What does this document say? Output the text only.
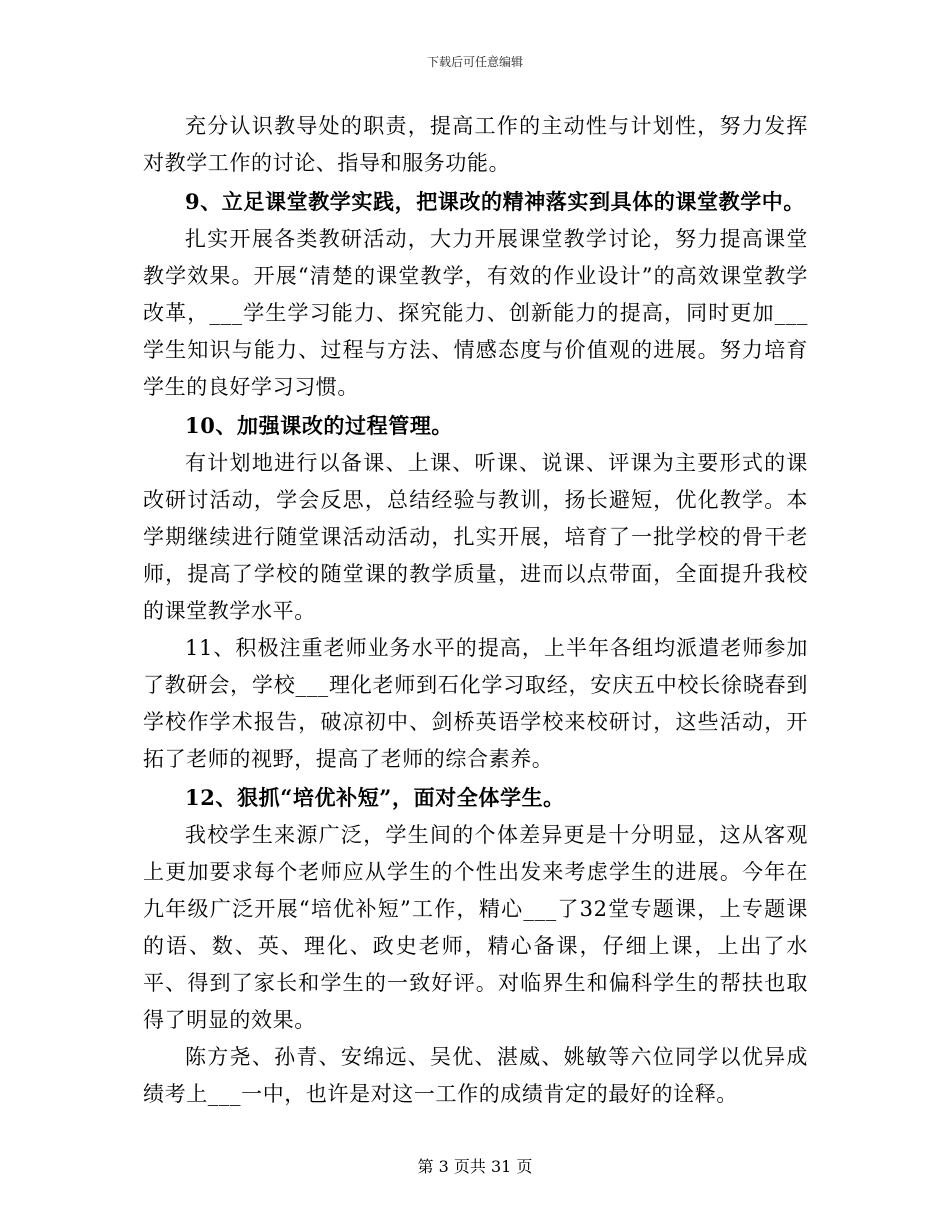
下载后可任意编辑

充分认识教导处的职责，提高工作的主动性与计划性，努力发挥对教学工作的讨论、指导和服务功能。

9、立足课堂教学实践，把课改的精神落实到具体的课堂教学中。

扎实开展各类教研活动，大力开展课堂教学讨论，努力提高课堂教学效果。开展“清楚的课堂教学，有效的作业设计”的高效课堂教学改革，___学生学习能力、探究能力、创新能力的提高，同时更加___学生知识与能力、过程与方法、情感态度与价值观的进展。努力培育学生的良好学习习惯。

10、加强课改的过程管理。

有计划地进行以备课、上课、听课、说课、评课为主要形式的课改研讨活动，学会反思，总结经验与教训，扬长避短，优化教学。本学期继续进行随堂课活动活动，扎实开展，培育了一批学校的骨干老师，提高了学校的随堂课的教学质量，进而以点带面，全面提升我校的课堂教学水平。

11、积极注重老师业务水平的提高，上半年各组均派遣老师参加了教研会，学校___理化老师到石化学习取经，安庆五中校长徐晓春到学校作学术报告，破凉初中、剑桥英语学校来校研讨，这些活动，开拓了老师的视野，提高了老师的综合素养。

12、狠抓“培优补短”，面对全体学生。

我校学生来源广泛，学生间的个体差异更是十分明显，这从客观上更加要求每个老师应从学生的个性出发来考虑学生的进展。今年在九年级广泛开展“培优补短”工作，精心___了32堂专题课，上专题课的语、数、英、理化、政史老师，精心备课，仔细上课，上出了水平、得到了家长和学生的一致好评。对临界生和偏科学生的帮扶也取得了明显的效果。

陈方尧、孙青、安绵远、吴优、湛威、姚敏等六位同学以优异成绩考上___一中，也许是对这一工作的成绩肯定的最好的诠释。

第 3 页共 31 页
